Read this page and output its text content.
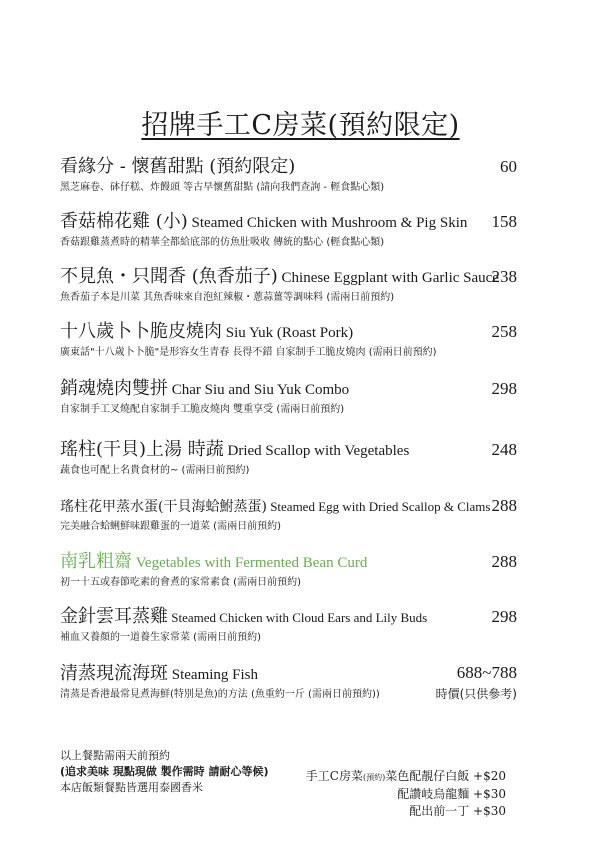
招牌手工C房菜(預約限定)
看緣分 - 懷舊甜點 (預約限定)
黑芝麻卷、砵仔糕、炸饅頭 等古早懷舊甜點 (請向我們查詢 - 輕食點心類)
60
香菇棉花雞 (小) Steamed Chicken with Mushroom & Pig Skin
香菇跟雞蒸煮時的精華全都給底部的仿魚肚吸收 傳統的點心 (輕食點心類)
158
不見魚・只聞香 (魚香茄子) Chinese Eggplant with Garlic Sauce
魚香茄子本是川菜 其魚香味來自泡紅辣椒・蔥蒜薑等調味料 (需兩日前預約)
238
十八歲卜卜脆皮燒肉 Siu Yuk (Roast Pork)
廣東話"十八歲卜卜脆"是形容女生青春 長得不錯 自家制手工脆皮燒肉 (需兩日前預約)
258
銷魂燒肉雙拼 Char Siu and Siu Yuk Combo
自家制手工叉燒配自家制手工脆皮燒肉 雙重享受 (需兩日前預約)
298
瑤柱(干貝)上湯 時蔬 Dried Scallop with Vegetables
蔬食也可配上名貴食材的~ (需兩日前預約)
248
瑤柱花甲蒸水蛋(干貝海蛤鮒蒸蛋) Steamed Egg with Dried Scallop & Clams
完美融合蛤蜊鮮味跟雞蛋的一道菜 (需兩日前預約)
288
南乳粗齋 Vegetables with Fermented Bean Curd
初一十五或春節吃素的會煮的家常素食 (需兩日前預約)
288
金針雲耳蒸雞 Steamed Chicken with Cloud Ears and Lily Buds
補血又養顏的一道養生家常菜 (需兩日前預約)
298
清蒸現流海斑 Steaming Fish
清蒸是香港最常見煮海鮮(特別是魚)的方法 (魚重約一斤 (需兩日前預約))
688~788
時價(只供參考)
以上餐點需兩天前預約
(追求美味 現點現做 製作需時 請耐心等候)
本店飯類餐點皆選用泰國香米
手工C房菜(預約)菜色配靚仔白飯 +$20
配讚岐烏龍麵 +$30
配出前一丁 +$30
